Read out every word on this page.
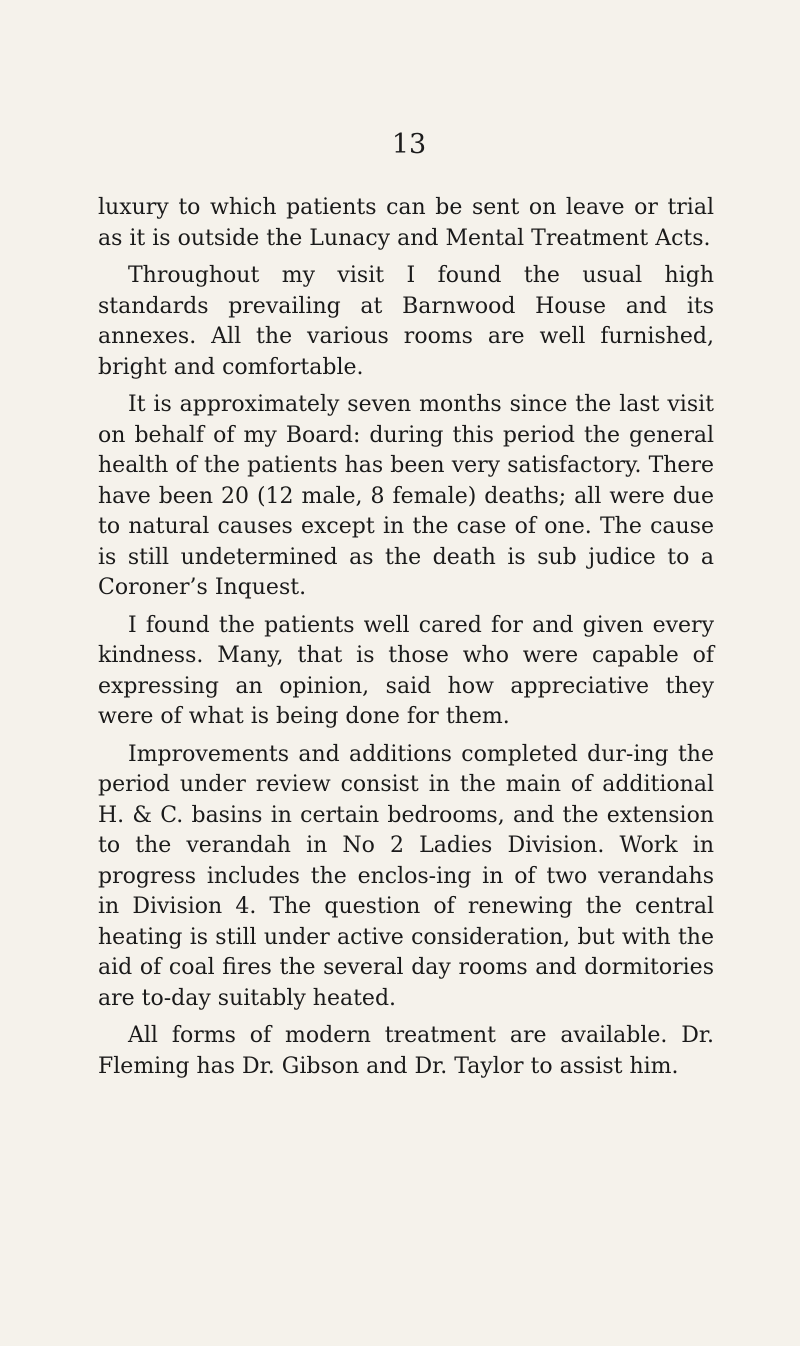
13

luxury to which patients can be sent on leave or trial as it is outside the Lunacy and Mental Treatment Acts.

Throughout my visit I found the usual high standards prevailing at Barnwood House and its annexes. All the various rooms are well furnished, bright and comfortable.

It is approximately seven months since the last visit on behalf of my Board: during this period the general health of the patients has been very satisfactory. There have been 20 (12 male, 8 female) deaths; all were due to natural causes except in the case of one. The cause is still undetermined as the death is sub judice to a Coroner’s Inquest.

I found the patients well cared for and given every kindness. Many, that is those who were capable of expressing an opinion, said how appreciative they were of what is being done for them.

Improvements and additions completed dur-ing the period under review consist in the main of additional H. & C. basins in certain bedrooms, and the extension to the verandah in No 2 Ladies Division. Work in progress includes the enclos-ing in of two verandahs in Division 4. The question of renewing the central heating is still under active consideration, but with the aid of coal fires the several day rooms and dormitories are to-day suitably heated.

All forms of modern treatment are available. Dr. Fleming has Dr. Gibson and Dr. Taylor to assist him.
